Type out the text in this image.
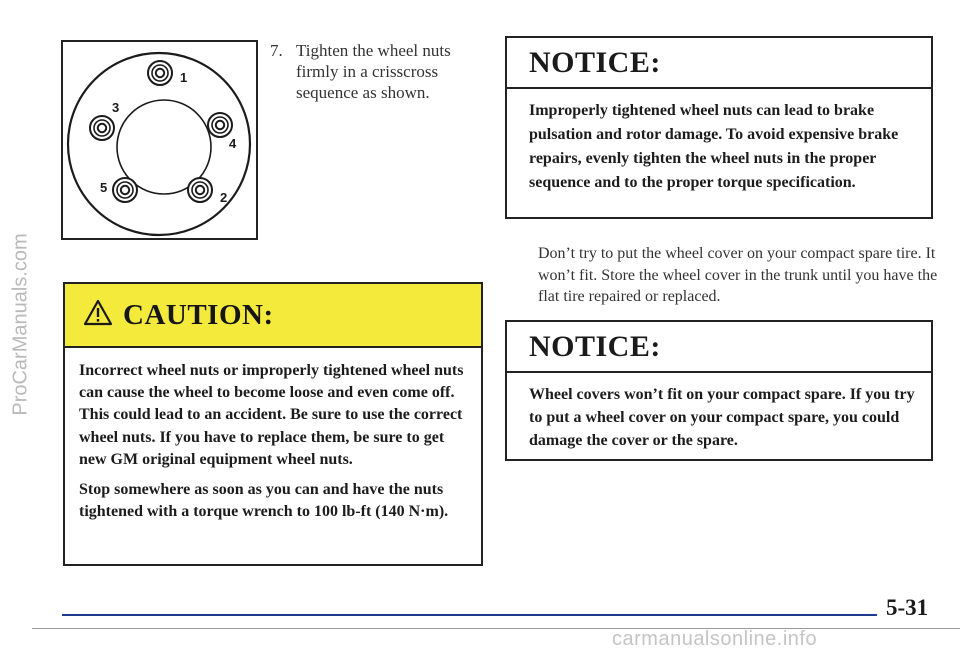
ProCarManuals.com
1
2
3
4
5
7. Tighten the wheel nuts firmly in a crisscross sequence as shown.
CAUTION:

Incorrect wheel nuts or improperly tightened wheel nuts can cause the wheel to become loose and even come off. This could lead to an accident. Be sure to use the correct wheel nuts. If you have to replace them, be sure to get new GM original equipment wheel nuts.

Stop somewhere as soon as you can and have the nuts tightened with a torque wrench to 100 lb-ft (140 N·m).

NOTICE:

Improperly tightened wheel nuts can lead to brake pulsation and rotor damage. To avoid expensive brake repairs, evenly tighten the wheel nuts in the proper sequence and to the proper torque specification.

Don’t try to put the wheel cover on your compact spare tire. It won’t fit. Store the wheel cover in the trunk until you have the flat tire repaired or replaced.
NOTICE:

Wheel covers won’t fit on your compact spare. If you try to put a wheel cover on your compact spare, you could damage the cover or the spare.

5-31
carmanualsonline.info
